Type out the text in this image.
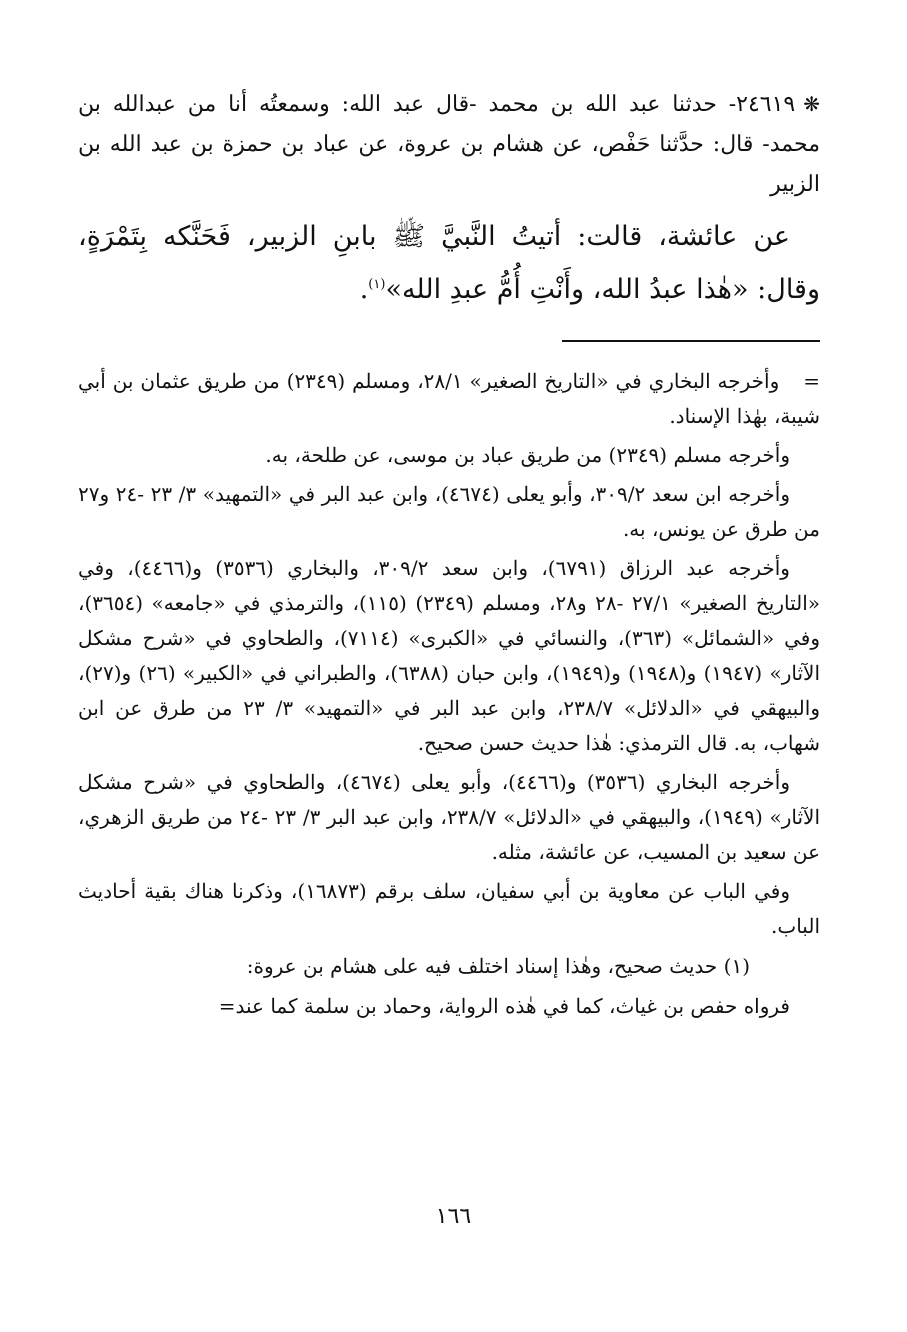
❋٢٤٦١٩- حدثنا عبد الله بن محمد -قال عبد الله: وسمعتُه أنا من عبدالله بن محمد- قال: حدَّثنا حَفْص، عن هشام بن عروة، عن عباد بن حمزة بن عبد الله بن الزبير

عن عائشة، قالت: أتيتُ النَّبيَّ ﷺ بابنِ الزبير، فَحَنَّكه بِتَمْرَةٍ، وقال: «هٰذا عبدُ الله، وأَنْتِ أُمُّ عبدِ الله»$^{(١)}$.

=وأخرجه البخاري في «التاريخ الصغير» ٢٨/١، ومسلم (٢٣٤٩) من طريق عثمان بن أبي شيبة، بهٰذا الإسناد.

وأخرجه مسلم (٢٣٤٩) من طريق عباد بن موسى، عن طلحة، به.

وأخرجه ابن سعد ٣٠٩/٢، وأبو يعلى (٤٦٧٤)، وابن عبد البر في «التمهيد» ٣/ ٢٣ -٢٤ و٢٧ من طرق عن يونس، به.

وأخرجه عبد الرزاق (٦٧٩١)، وابن سعد ٣٠٩/٢، والبخاري (٣٥٣٦) و(٤٤٦٦)، وفي «التاريخ الصغير» ٢٧/١ -٢٨ و٢٨، ومسلم (٢٣٤٩) (١١٥)، والترمذي في «جامعه» (٣٦٥٤)، وفي «الشمائل» (٣٦٣)، والنسائي في «الكبرى» (٧١١٤)، والطحاوي في «شرح مشكل الآثار» (١٩٤٧) و(١٩٤٨) و(١٩٤٩)، وابن حبان (٦٣٨٨)، والطبراني في «الكبير» (٢٦) و(٢٧)، والبيهقي في «الدلائل» ٢٣٨/٧، وابن عبد البر في «التمهيد» ٣/ ٢٣ من طرق عن ابن شهاب، به. قال الترمذي: هٰذا حديث حسن صحيح.

وأخرجه البخاري (٣٥٣٦) و(٤٤٦٦)، وأبو يعلى (٤٦٧٤)، والطحاوي في «شرح مشكل الآثار» (١٩٤٩)، والبيهقي في «الدلائل» ٢٣٨/٧، وابن عبد البر ٣/ ٢٣ -٢٤ من طريق الزهري، عن سعيد بن المسيب، عن عائشة، مثله.

وفي الباب عن معاوية بن أبي سفيان، سلف برقم (١٦٨٧٣)، وذكرنا هناك بقية أحاديث الباب.

(١) حديث صحيح، وهٰذا إسناد اختلف فيه على هشام بن عروة:

فرواه حفص بن غياث، كما في هٰذه الرواية، وحماد بن سلمة كما عند=

١٦٦
